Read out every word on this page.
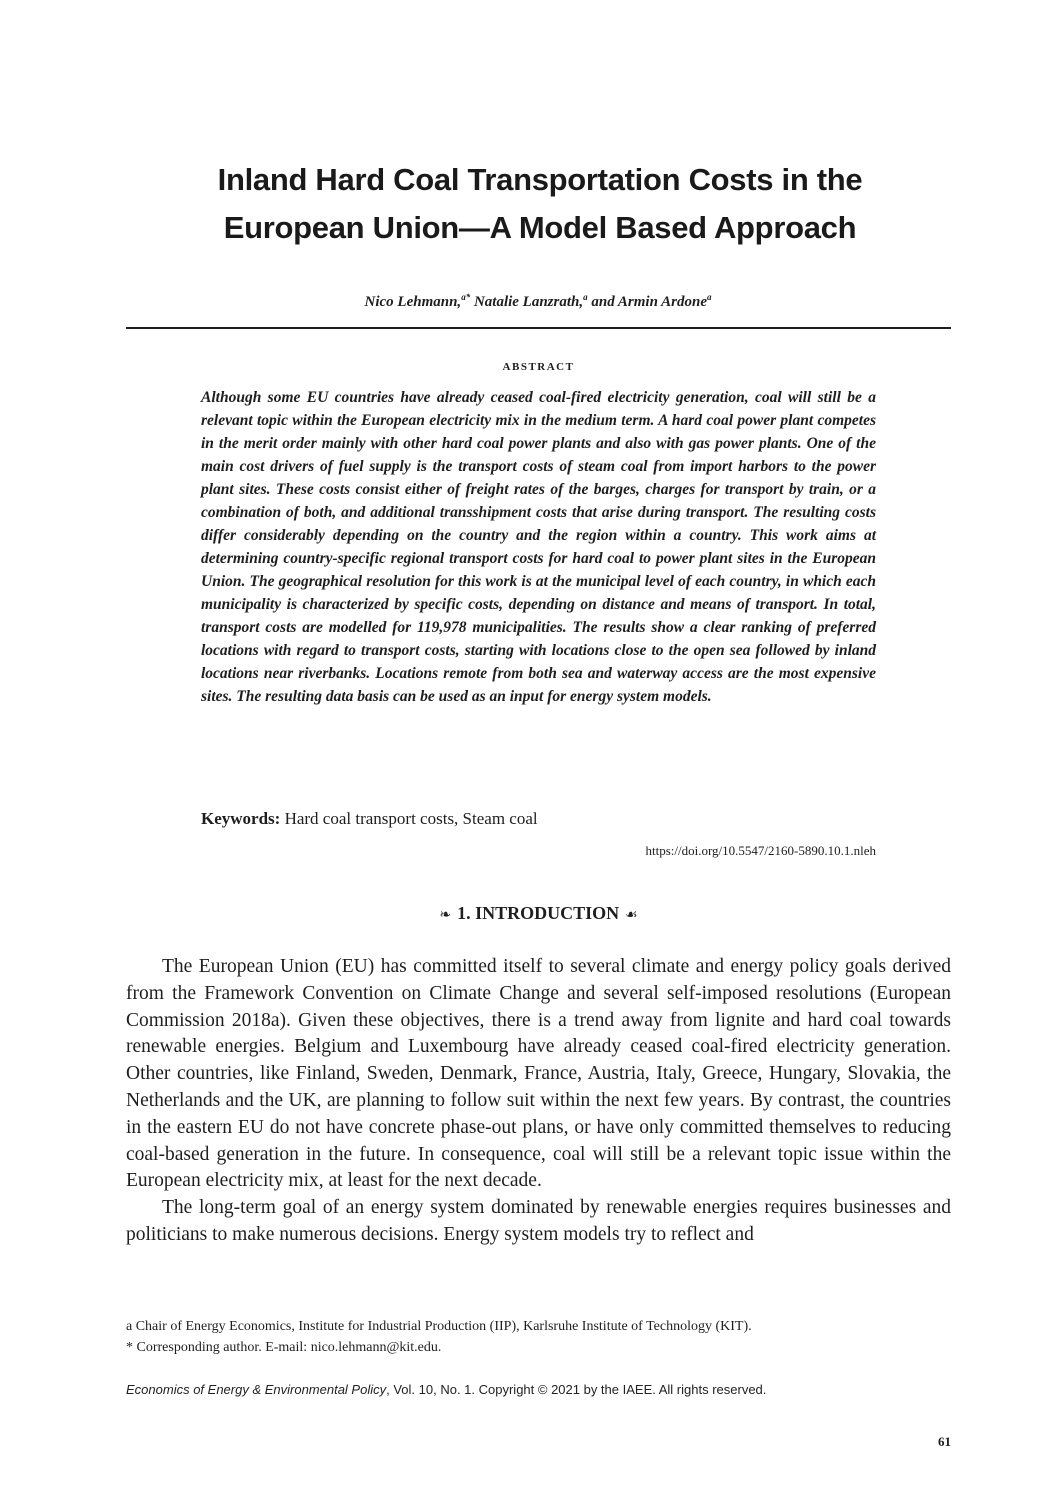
Inland Hard Coal Transportation Costs in the
European Union—A Model Based Approach
Nico Lehmann,$^{a*}$ Natalie Lanzrath,$^a$ and Armin Ardone$^a$
ABSTRACT

Although some EU countries have already ceased coal-fired electricity generation, coal will still be a relevant topic within the European electricity mix in the medium term. A hard coal power plant competes in the merit order mainly with other hard coal power plants and also with gas power plants. One of the main cost drivers of fuel supply is the transport costs of steam coal from import harbors to the power plant sites. These costs consist either of freight rates of the barges, charges for transport by train, or a combination of both, and additional transshipment costs that arise during transport. The resulting costs differ considerably depending on the country and the region within a country. This work aims at determining country-specific regional transport costs for hard coal to power plant sites in the European Union. The geographical resolution for this work is at the municipal level of each country, in which each municipality is characterized by specific costs, depending on distance and means of transport. In total, transport costs are modelled for 119,978 municipalities. The results show a clear ranking of preferred locations with regard to transport costs, starting with locations close to the open sea followed by inland locations near riverbanks. Locations remote from both sea and waterway access are the most expensive sites. The resulting data basis can be used as an input for energy system models.

Keywords: Hard coal transport costs, Steam coal
https://doi.org/10.5547/2160-5890.10.1.nleh
❧ 1. INTRODUCTION ☙

The European Union (EU) has committed itself to several climate and energy policy goals derived from the Framework Convention on Climate Change and several self-imposed resolutions (European Commission 2018a). Given these objectives, there is a trend away from lignite and hard coal towards renewable energies. Belgium and Luxembourg have already ceased coal-fired electricity generation. Other countries, like Finland, Sweden, Denmark, France, Austria, Italy, Greece, Hungary, Slovakia, the Netherlands and the UK, are planning to follow suit within the next few years. By contrast, the countries in the eastern EU do not have concrete phase-out plans, or have only committed themselves to reducing coal-based generation in the future. In consequence, coal will still be a relevant topic issue within the European electricity mix, at least for the next decade.

The long-term goal of an energy system dominated by renewable energies requires businesses and politicians to make numerous decisions. Energy system models try to reflect and

a Chair of Energy Economics, Institute for Industrial Production (IIP), Karlsruhe Institute of Technology (KIT).
* Corresponding author. E-mail: nico.lehmann@kit.edu.
Economics of Energy & Environmental Policy, Vol. 10, No. 1. Copyright © 2021 by the IAEE. All rights reserved.
61
